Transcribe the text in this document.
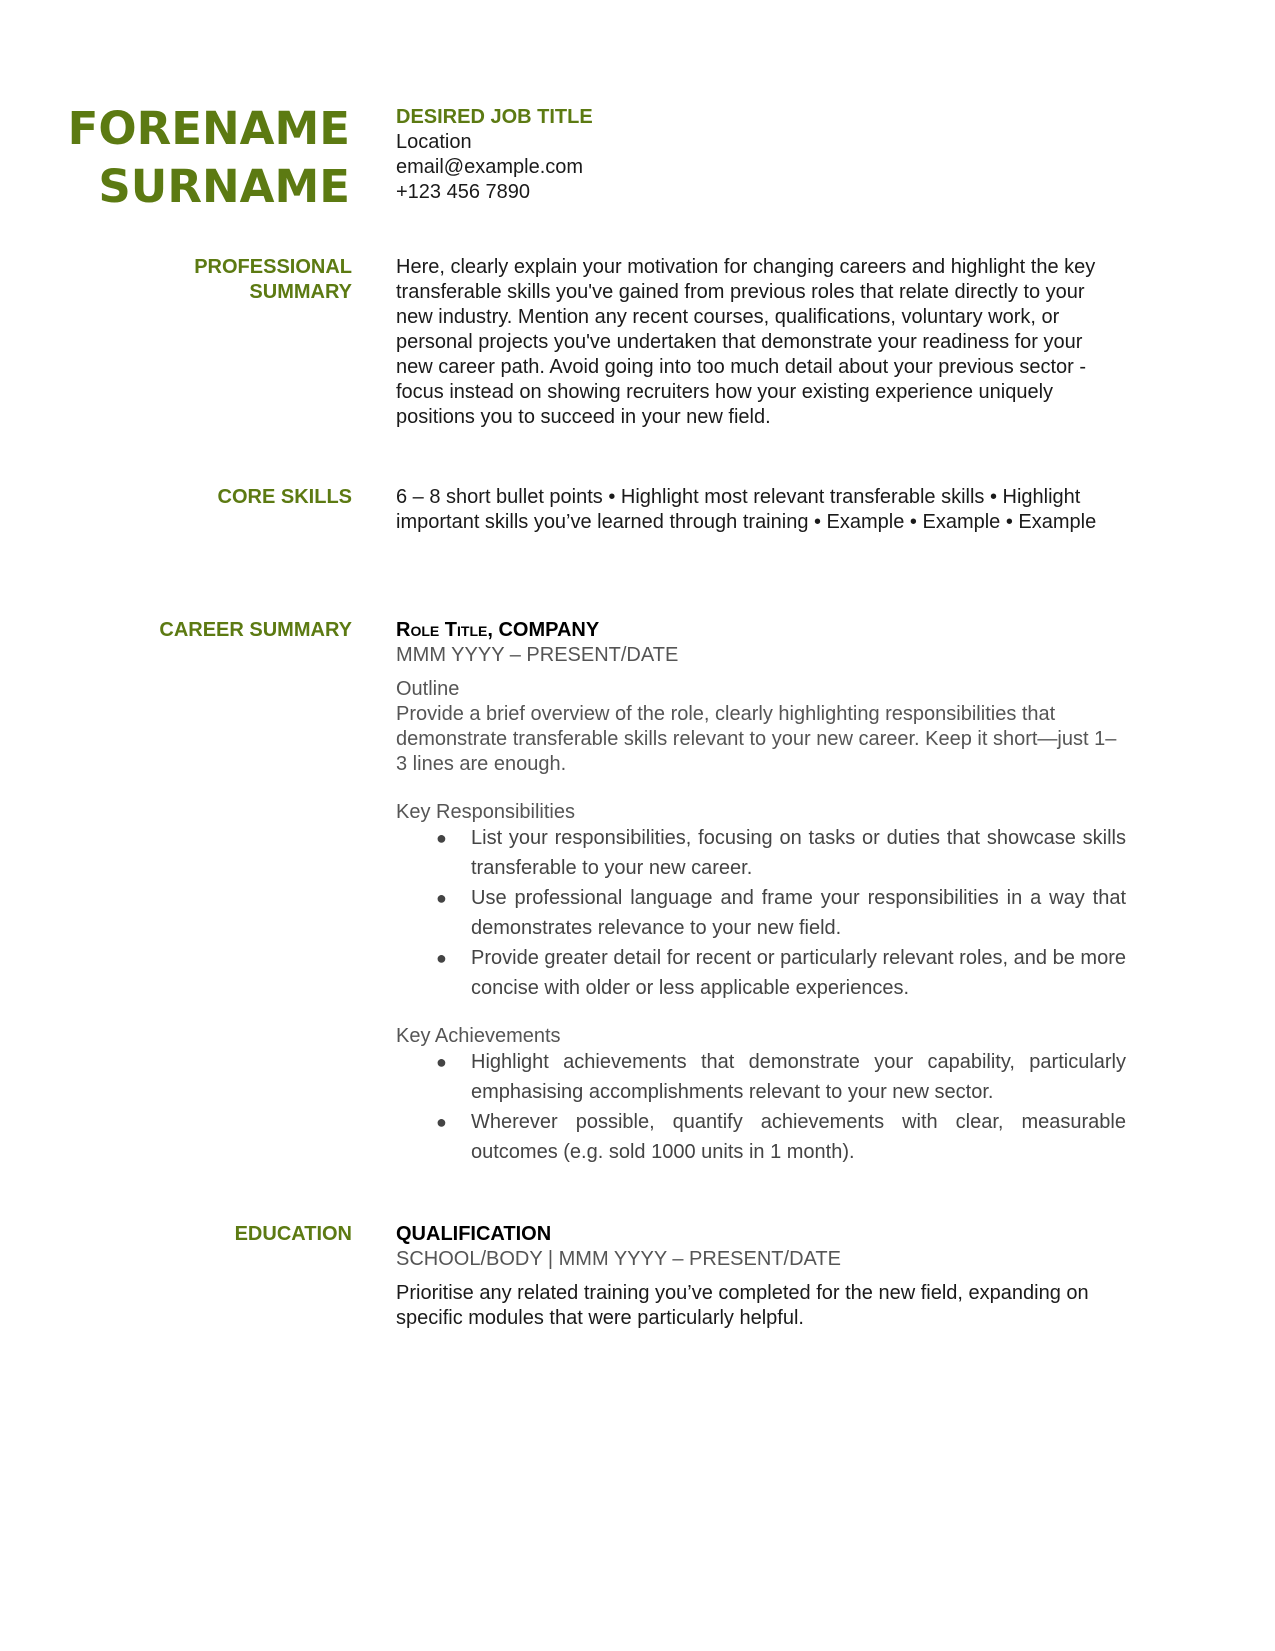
FORENAME
SURNAME
DESIRED JOB TITLE
Location
email@example.com
+123 456 7890
PROFESSIONAL
SUMMARY
Here, clearly explain your motivation for changing careers and highlight the key transferable skills you've gained from previous roles that relate directly to your new industry. Mention any recent courses, qualifications, voluntary work, or personal projects you've undertaken that demonstrate your readiness for your new career path. Avoid going into too much detail about your previous sector - focus instead on showing recruiters how your existing experience uniquely positions you to succeed in your new field.
CORE SKILLS 6 – 8 short bullet points • Highlight most relevant transferable skills • Highlight important skills you’ve learned through training • Example • Example • Example
CAREER SUMMARY Role Title, COMPANY
MMM YYYY – PRESENT/DATE
Outline
Provide a brief overview of the role, clearly highlighting responsibilities that demonstrate transferable skills relevant to your new career. Keep it short—just 1–3 lines are enough.
Key Responsibilities
● List your responsibilities, focusing on tasks or duties that showcase skills transferable to your new career.
● Use professional language and frame your responsibilities in a way that demonstrates relevance to your new field.
● Provide greater detail for recent or particularly relevant roles, and be more concise with older or less applicable experiences.
Key Achievements
● Highlight achievements that demonstrate your capability, particularly emphasising accomplishments relevant to your new sector.
● Wherever possible, quantify achievements with clear, measurable outcomes (e.g. sold 1000 units in 1 month).
EDUCATION QUALIFICATION
SCHOOL/BODY | MMM YYYY – PRESENT/DATE
Prioritise any related training you’ve completed for the new field, expanding on specific modules that were particularly helpful.
